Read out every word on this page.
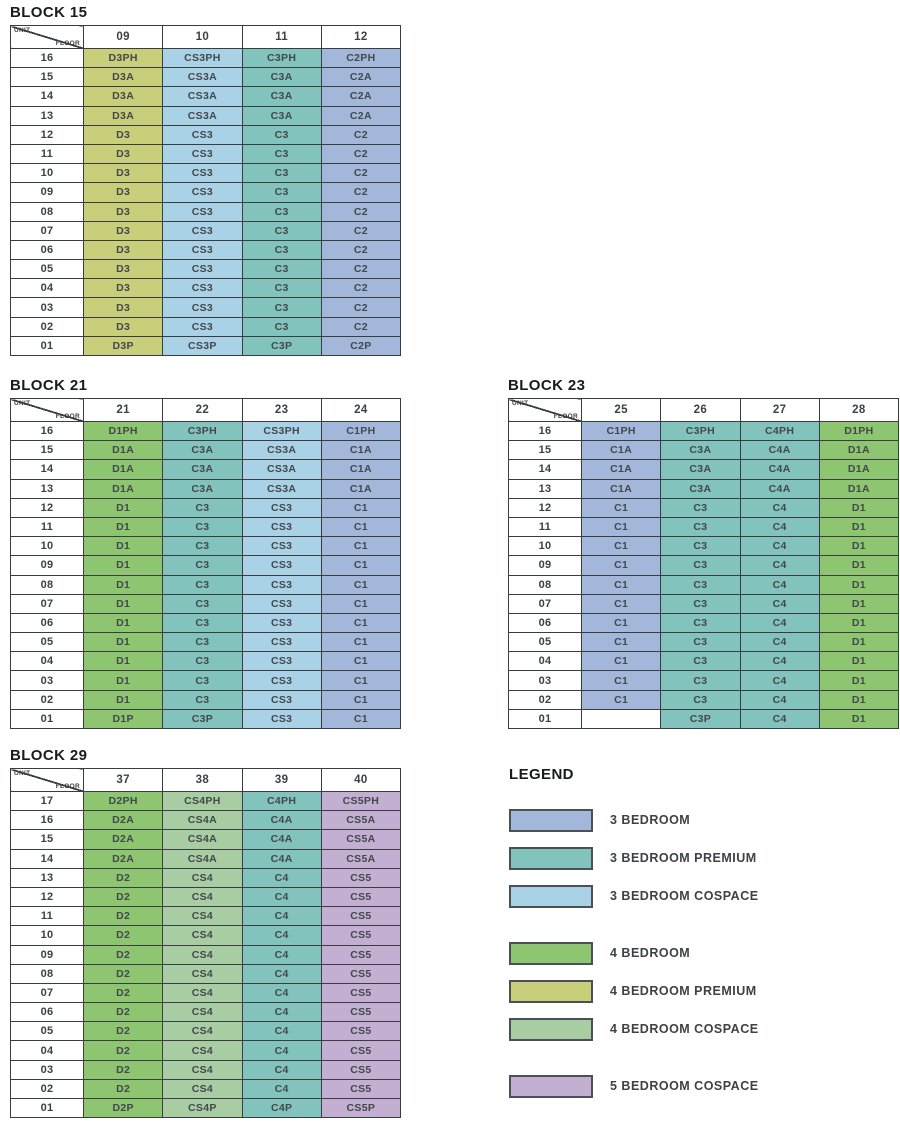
BLOCK 15
UNIT
FLOOR	09	10	11	12
16	D3PH	CS3PH	C3PH	C2PH
15	D3A	CS3A	C3A	C2A
14	D3A	CS3A	C3A	C2A
13	D3A	CS3A	C3A	C2A
12	D3	CS3	C3	C2
11	D3	CS3	C3	C2
10	D3	CS3	C3	C2
09	D3	CS3	C3	C2
08	D3	CS3	C3	C2
07	D3	CS3	C3	C2
06	D3	CS3	C3	C2
05	D3	CS3	C3	C2
04	D3	CS3	C3	C2
03	D3	CS3	C3	C2
02	D3	CS3	C3	C2
01	D3P	CS3P	C3P	C2P
BLOCK 21
UNIT
FLOOR	21	22	23	24
16	D1PH	C3PH	CS3PH	C1PH
15	D1A	C3A	CS3A	C1A
14	D1A	C3A	CS3A	C1A
13	D1A	C3A	CS3A	C1A
12	D1	C3	CS3	C1
11	D1	C3	CS3	C1
10	D1	C3	CS3	C1
09	D1	C3	CS3	C1
08	D1	C3	CS3	C1
07	D1	C3	CS3	C1
06	D1	C3	CS3	C1
05	D1	C3	CS3	C1
04	D1	C3	CS3	C1
03	D1	C3	CS3	C1
02	D1	C3	CS3	C1
01	D1P	C3P	CS3	C1
BLOCK 23
UNIT
FLOOR	25	26	27	28
16	C1PH	C3PH	C4PH	D1PH
15	C1A	C3A	C4A	D1A
14	C1A	C3A	C4A	D1A
13	C1A	C3A	C4A	D1A
12	C1	C3	C4	D1
11	C1	C3	C4	D1
10	C1	C3	C4	D1
09	C1	C3	C4	D1
08	C1	C3	C4	D1
07	C1	C3	C4	D1
06	C1	C3	C4	D1
05	C1	C3	C4	D1
04	C1	C3	C4	D1
03	C1	C3	C4	D1
02	C1	C3	C4	D1
01		C3P	C4	D1
BLOCK 29
UNIT
FLOOR	37	38	39	40
17	D2PH	CS4PH	C4PH	CS5PH
16	D2A	CS4A	C4A	CS5A
15	D2A	CS4A	C4A	CS5A
14	D2A	CS4A	C4A	CS5A
13	D2	CS4	C4	CS5
12	D2	CS4	C4	CS5
11	D2	CS4	C4	CS5
10	D2	CS4	C4	CS5
09	D2	CS4	C4	CS5
08	D2	CS4	C4	CS5
07	D2	CS4	C4	CS5
06	D2	CS4	C4	CS5
05	D2	CS4	C4	CS5
04	D2	CS4	C4	CS5
03	D2	CS4	C4	CS5
02	D2	CS4	C4	CS5
01	D2P	CS4P	C4P	CS5P
LEGEND
3 BEDROOM
3 BEDROOM PREMIUM
3 BEDROOM COSPACE
4 BEDROOM
4 BEDROOM PREMIUM
4 BEDROOM COSPACE
5 BEDROOM COSPACE
